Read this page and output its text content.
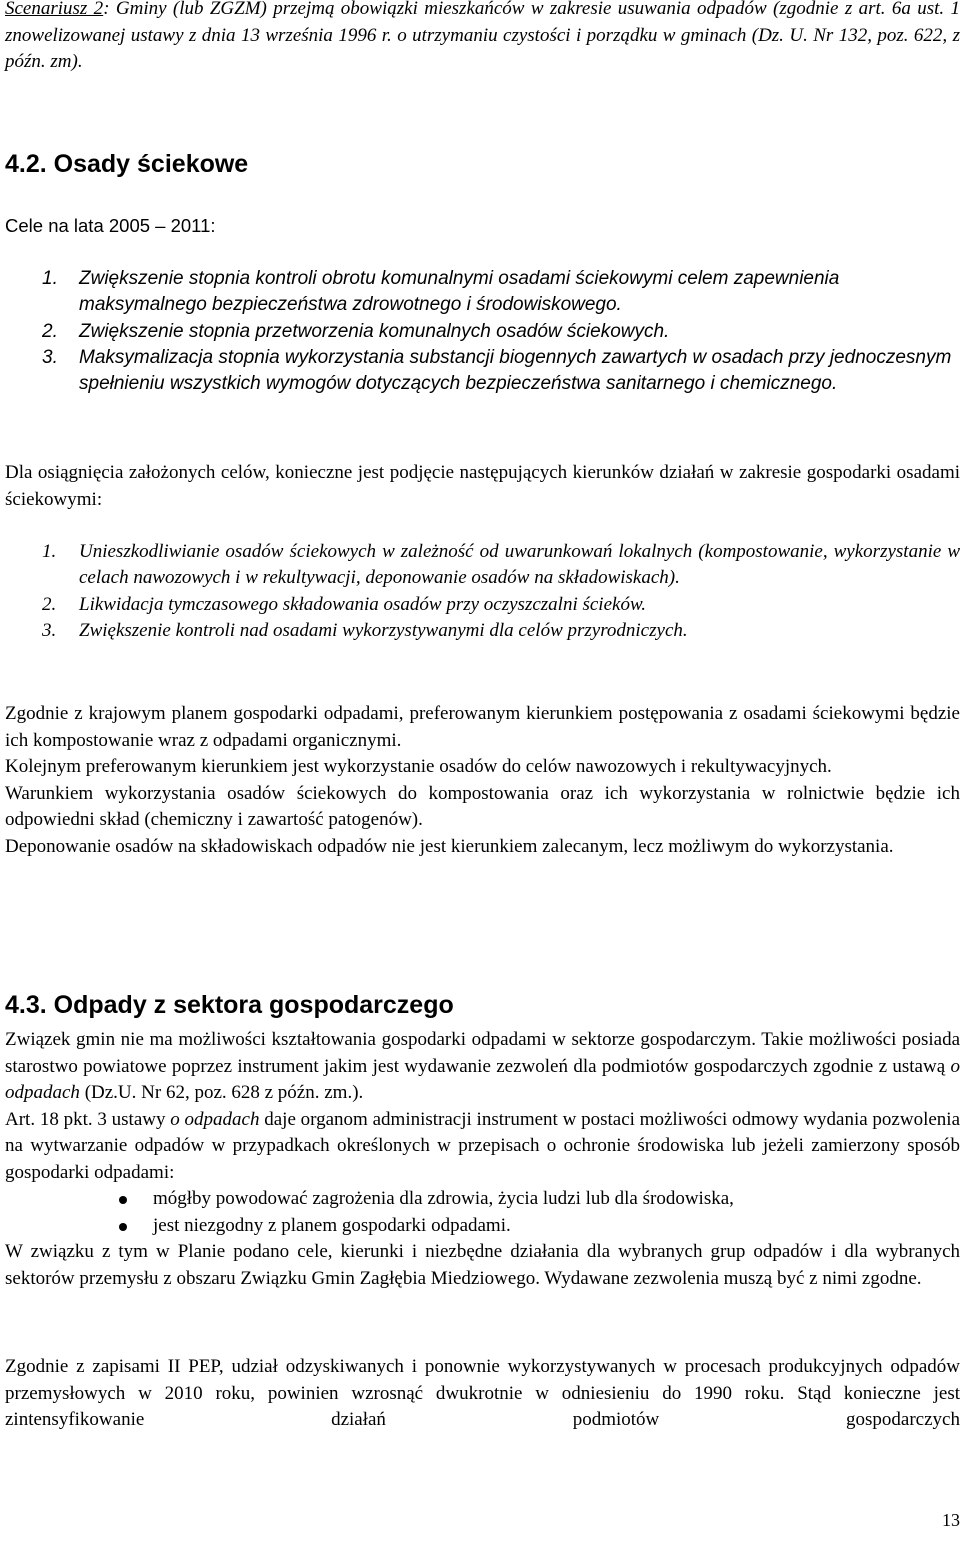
Scenariusz 2: Gminy (lub ZGZM) przejmą obowiązki mieszkańców w zakresie usuwania odpadów (zgodnie z art. 6a ust. 1 znowelizowanej ustawy z dnia 13 września 1996 r. o utrzymaniu czystości i porządku w gminach (Dz. U. Nr 132, poz. 622, z późn. zm).

4.2. Osady ściekowe
Cele na lata 2005 – 2011:
1. Zwiększenie stopnia kontroli obrotu komunalnymi osadami ściekowymi celem zapewnienia maksymalnego bezpieczeństwa zdrowotnego i środowiskowego.
2. Zwiększenie stopnia przetworzenia komunalnych osadów ściekowych.
3. Maksymalizacja stopnia wykorzystania substancji biogennych zawartych w osadach przy jednoczesnym spełnieniu wszystkich wymogów dotyczących bezpieczeństwa sanitarnego i chemicznego.

Dla osiągnięcia założonych celów, konieczne jest podjęcie następujących kierunków działań w zakresie gospodarki osadami ściekowymi:

1. Unieszkodliwianie osadów ściekowych w zależność od uwarunkowań lokalnych (kompostowanie, wykorzystanie w celach nawozowych i w rekultywacji, deponowanie osadów na składowiskach).
2. Likwidacja tymczasowego składowania osadów przy oczyszczalni ścieków.
3. Zwiększenie kontroli nad osadami wykorzystywanymi dla celów przyrodniczych.

Zgodnie z krajowym planem gospodarki odpadami, preferowanym kierunkiem postępowania z osadami ściekowymi będzie ich kompostowanie wraz z odpadami organicznymi.

Kolejnym preferowanym kierunkiem jest wykorzystanie osadów do celów nawozowych i rekultywacyjnych.

Warunkiem wykorzystania osadów ściekowych do kompostowania oraz ich wykorzystania w rolnictwie będzie ich odpowiedni skład (chemiczny i zawartość patogenów).

Deponowanie osadów na składowiskach odpadów nie jest kierunkiem zalecanym, lecz możliwym do wykorzystania.

4.3. Odpady z sektora gospodarczego

Związek gmin nie ma możliwości kształtowania gospodarki odpadami w sektorze gospodarczym. Takie możliwości posiada starostwo powiatowe poprzez instrument jakim jest wydawanie zezwoleń dla podmiotów gospodarczych zgodnie z ustawą o odpadach (Dz.U. Nr 62, poz. 628 z późn. zm.).

Art. 18 pkt. 3 ustawy o odpadach daje organom administracji instrument w postaci możliwości odmowy wydania pozwolenia na wytwarzanie odpadów w przypadkach określonych w przepisach o ochronie środowiska lub jeżeli zamierzony sposób gospodarki odpadami:

mógłby powodować zagrożenia dla zdrowia, życia ludzi lub dla środowiska,
jest niezgodny z planem gospodarki odpadami.

W związku z tym w Planie podano cele, kierunki i niezbędne działania dla wybranych grup odpadów i dla wybranych sektorów przemysłu z obszaru Związku Gmin Zagłębia Miedziowego. Wydawane zezwolenia muszą być z nimi zgodne.

Zgodnie z zapisami II PEP, udział odzyskiwanych i ponownie wykorzystywanych w procesach produkcyjnych odpadów przemysłowych w 2010 roku, powinien wzrosnąć dwukrotnie w odniesieniu do 1990 roku. Stąd konieczne jest zintensyfikowanie działań podmiotów gospodarczych

13
